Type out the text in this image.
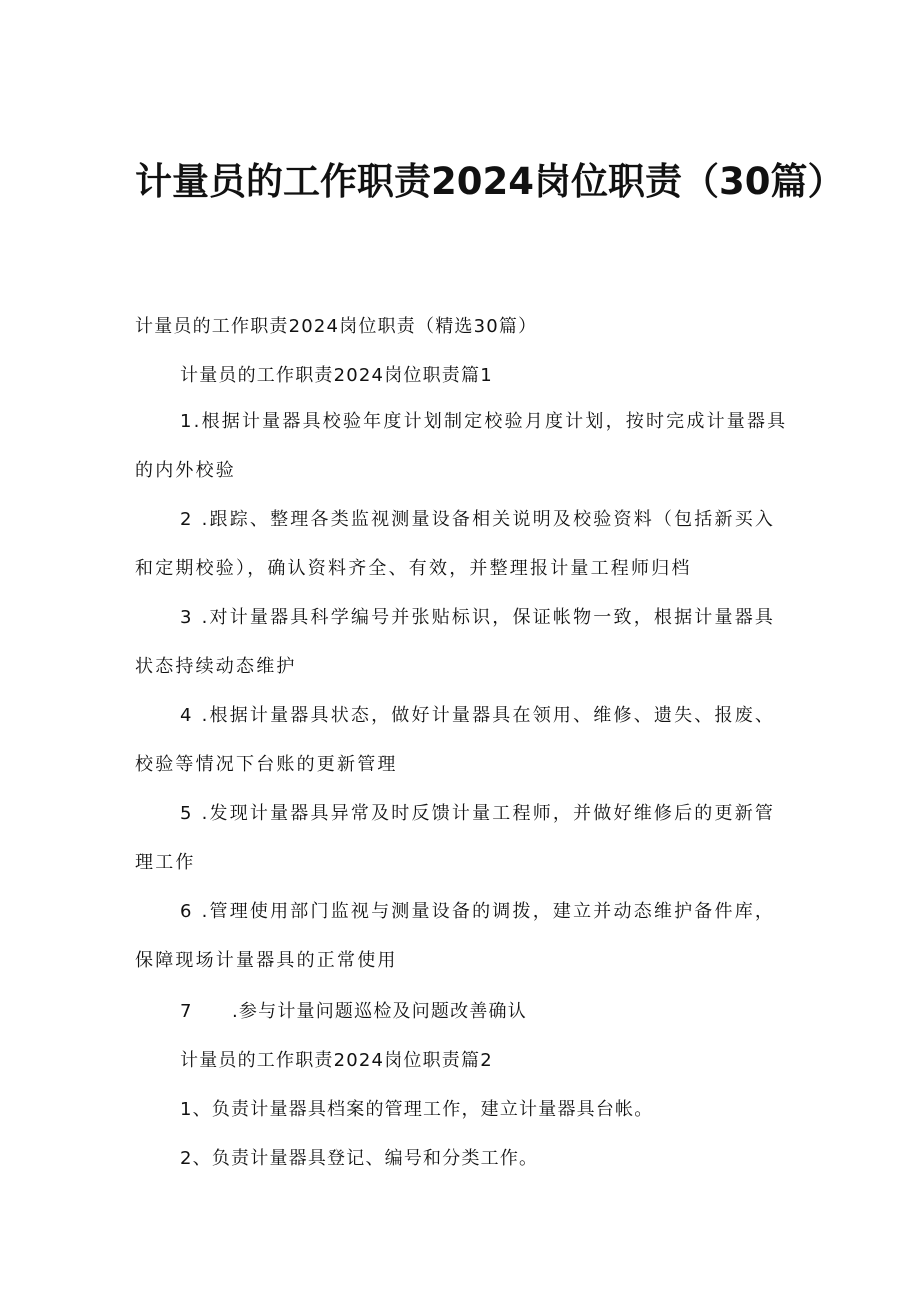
计量员的工作职责2024岗位职责（30篇）
计量员的工作职责2024岗位职责（精选30篇）
计量员的工作职责2024岗位职责篇1
1.根据计量器具校验年度计划制定校验月度计划，按时完成计量器具的内外校验
2 .跟踪、整理各类监视测量设备相关说明及校验资料（包括新买入和定期校验），确认资料齐全、有效，并整理报计量工程师归档
3 .对计量器具科学编号并张贴标识，保证帐物一致，根据计量器具状态持续动态维护
4 .根据计量器具状态，做好计量器具在领用、维修、遗失、报废、校验等情况下台账的更新管理
5 .发现计量器具异常及时反馈计量工程师，并做好维修后的更新管理工作
6 .管理使用部门监视与测量设备的调拨，建立并动态维护备件库，保障现场计量器具的正常使用
7 .参与计量问题巡检及问题改善确认
计量员的工作职责2024岗位职责篇2
1、负责计量器具档案的管理工作，建立计量器具台帐。
2、负责计量器具登记、编号和分类工作。
